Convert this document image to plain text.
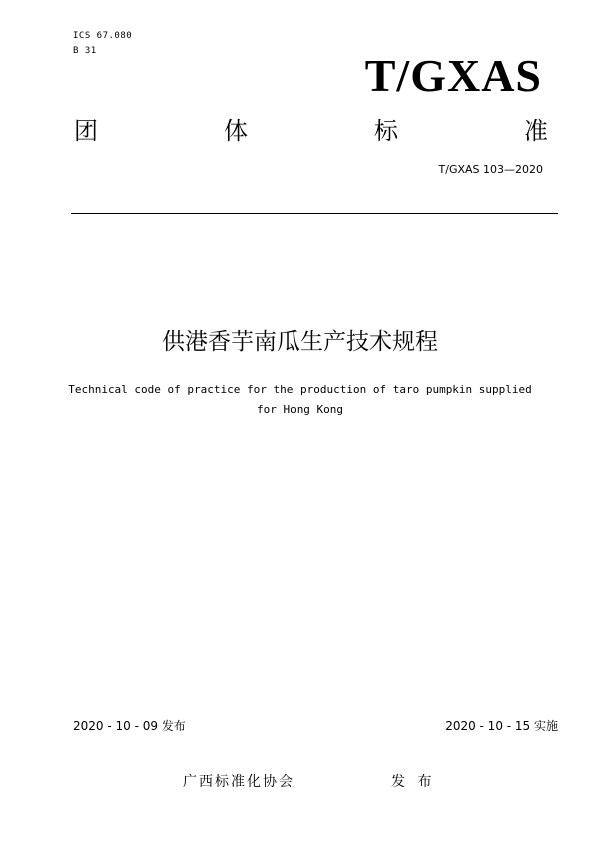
ICS 67.080
B 31	T/GXAS
团	体	标	准
T/GXAS 103—2020
供港香芋南瓜生产技术规程
Technical code of practice for the production of taro pumpkin supplied
for Hong Kong
2020 - 10 - 09 发布	2020 - 10 - 15 实施
广西标准化协会	发 布
